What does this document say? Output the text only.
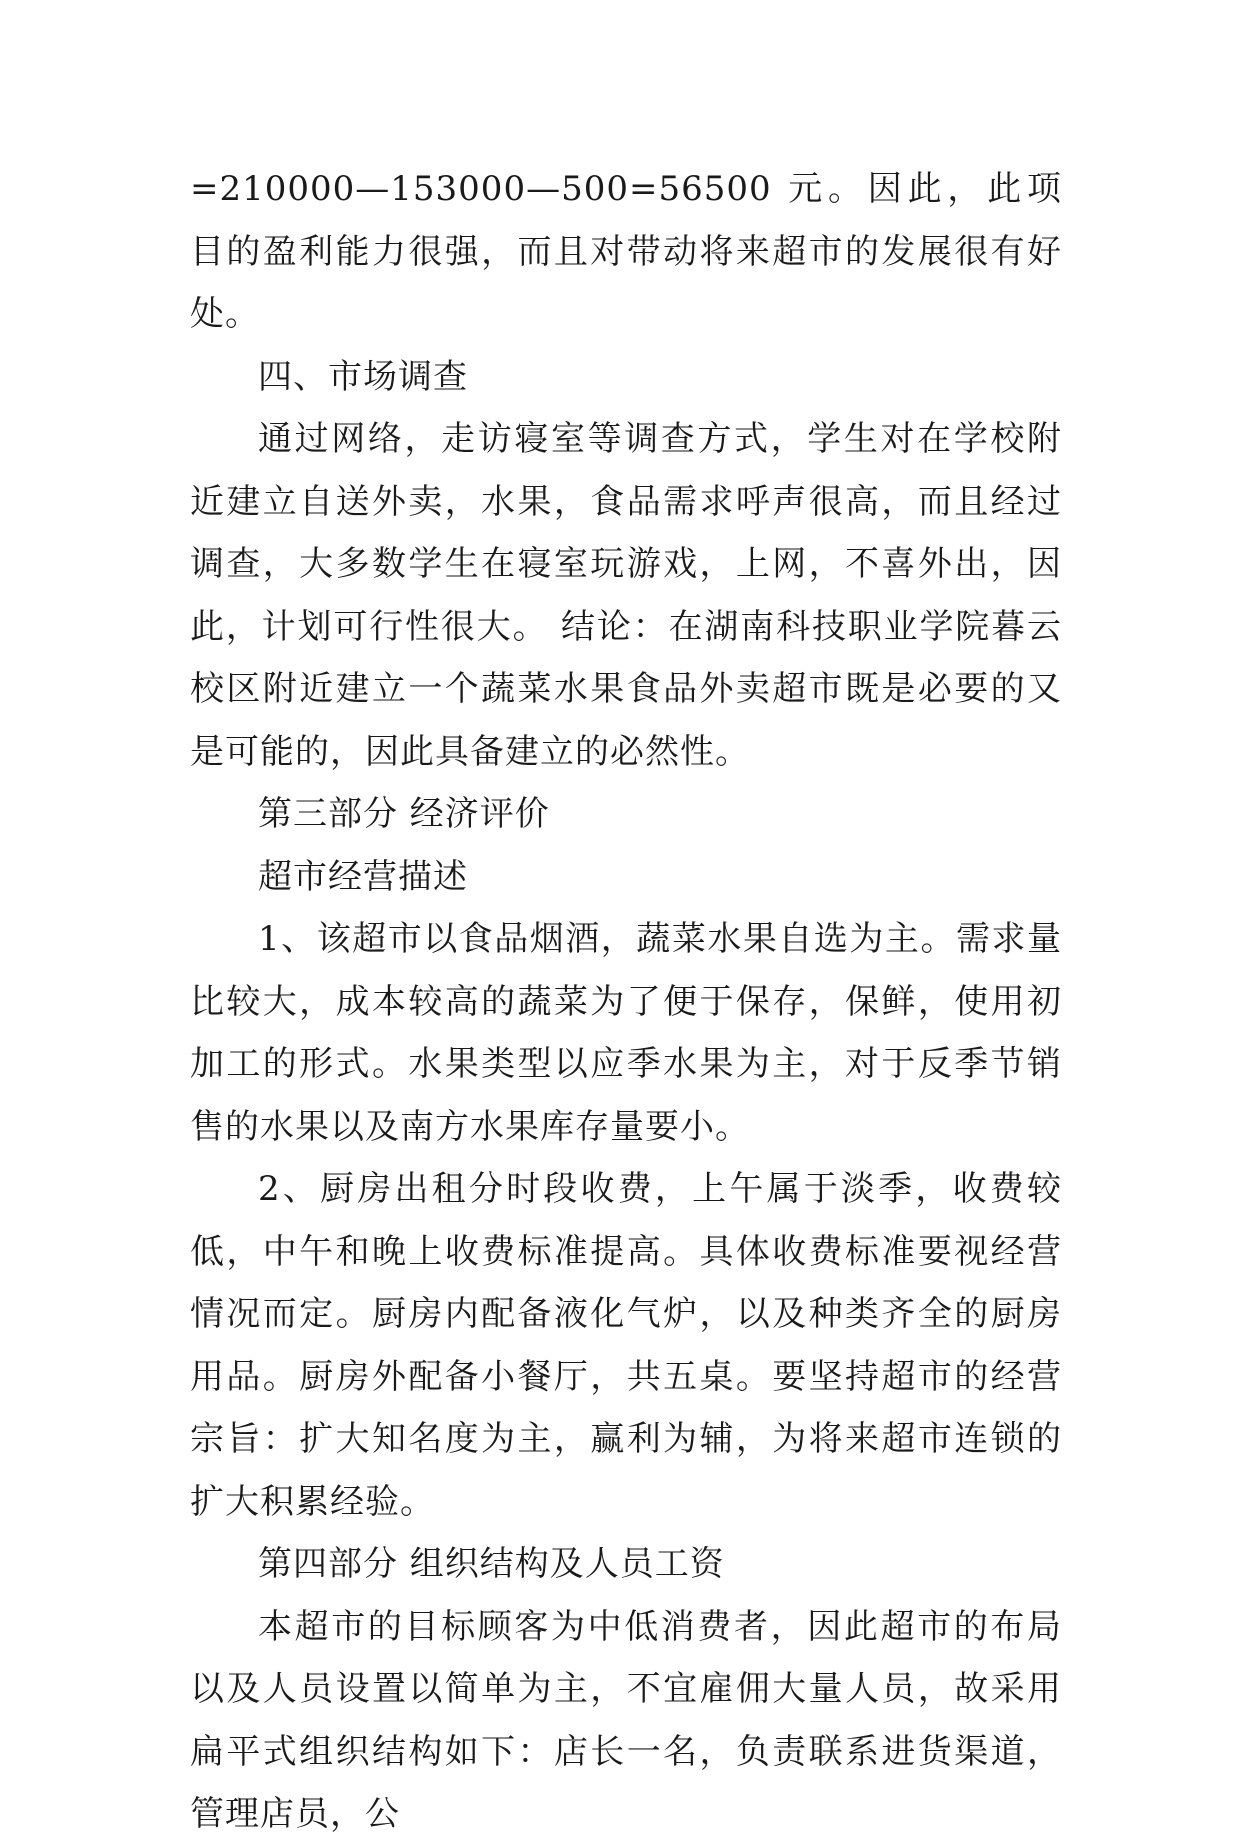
=210000—153000—500=56500 元。因此，此项目的盈利能力很强，而且对带动将来超市的发展很有好处。

四、市场调查

通过网络，走访寝室等调查方式，学生对在学校附近建立自送外卖，水果，食品需求呼声很高，而且经过调查，大多数学生在寝室玩游戏，上网，不喜外出，因此，计划可行性很大。 结论：在湖南科技职业学院暮云校区附近建立一个蔬菜水果食品外卖超市既是必要的又是可能的，因此具备建立的必然性。

第三部分 经济评价

超市经营描述

1、该超市以食品烟酒，蔬菜水果自选为主。需求量比较大，成本较高的蔬菜为了便于保存，保鲜，使用初加工的形式。水果类型以应季水果为主，对于反季节销售的水果以及南方水果库存量要小。

2、厨房出租分时段收费，上午属于淡季，收费较低，中午和晚上收费标准提高。具体收费标准要视经营情况而定。厨房内配备液化气炉，以及种类齐全的厨房用品。厨房外配备小餐厅，共五桌。要坚持超市的经营宗旨：扩大知名度为主，赢利为辅，为将来超市连锁的扩大积累经验。

第四部分 组织结构及人员工资

本超市的目标顾客为中低消费者，因此超市的布局以及人员设置以简单为主，不宜雇佣大量人员，故采用扁平式组织结构如下：店长一名，负责联系进货渠道，管理店员，公
